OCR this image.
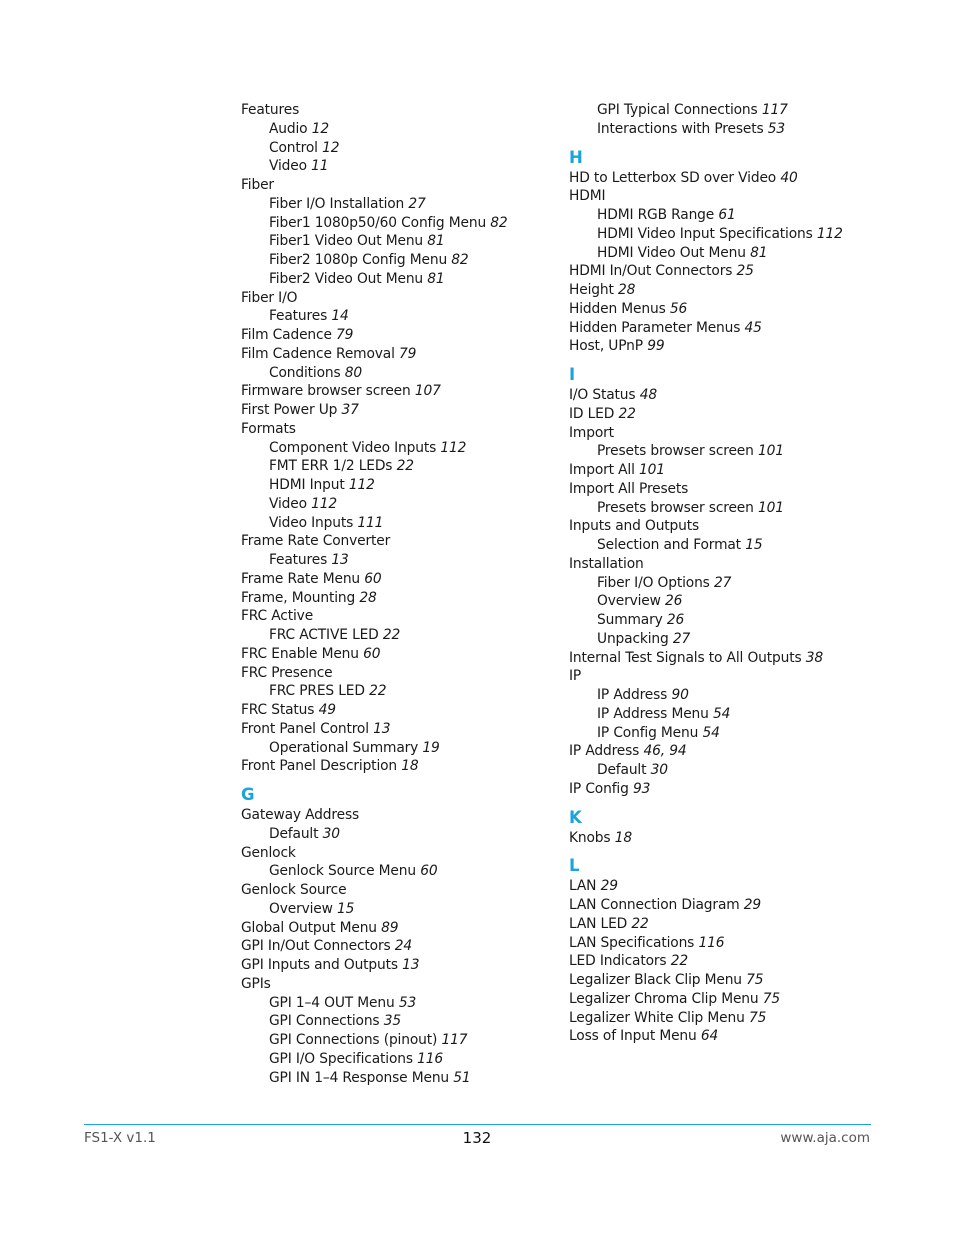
Features
Audio 12
Control 12
Video 11
Fiber
Fiber I/O Installation 27
Fiber1 1080p50/60 Config Menu 82
Fiber1 Video Out Menu 81
Fiber2 1080p Config Menu 82
Fiber2 Video Out Menu 81
Fiber I/O
Features 14
Film Cadence 79
Film Cadence Removal 79
Conditions 80
Firmware browser screen 107
First Power Up 37
Formats
Component Video Inputs 112
FMT ERR 1/2 LEDs 22
HDMI Input 112
Video 112
Video Inputs 111
Frame Rate Converter
Features 13
Frame Rate Menu 60
Frame, Mounting 28
FRC Active
FRC ACTIVE LED 22
FRC Enable Menu 60
FRC Presence
FRC PRES LED 22
FRC Status 49
Front Panel Control 13
Operational Summary 19
Front Panel Description 18
G
Gateway Address
Default 30
Genlock
Genlock Source Menu 60
Genlock Source
Overview 15
Global Output Menu 89
GPI In/Out Connectors 24
GPI Inputs and Outputs 13
GPIs
GPI 1–4 OUT Menu 53
GPI Connections 35
GPI Connections (pinout) 117
GPI I/O Specifications 116
GPI IN 1–4 Response Menu 51
GPI Typical Connections 117
Interactions with Presets 53
H
HD to Letterbox SD over Video 40
HDMI
HDMI RGB Range 61
HDMI Video Input Specifications 112
HDMI Video Out Menu 81
HDMI In/Out Connectors 25
Height 28
Hidden Menus 56
Hidden Parameter Menus 45
Host, UPnP 99
I
I/O Status 48
ID LED 22
Import
Presets browser screen 101
Import All 101
Import All Presets
Presets browser screen 101
Inputs and Outputs
Selection and Format 15
Installation
Fiber I/O Options 27
Overview 26
Summary 26
Unpacking 27
Internal Test Signals to All Outputs 38
IP
IP Address 90
IP Address Menu 54
IP Config Menu 54
IP Address 46, 94
Default 30
IP Config 93
K
Knobs 18
L
LAN 29
LAN Connection Diagram 29
LAN LED 22
LAN Specifications 116
LED Indicators 22
Legalizer Black Clip Menu 75
Legalizer Chroma Clip Menu 75
Legalizer White Clip Menu 75
Loss of Input Menu 64
FS1-X v1.1	132	www.aja.com
